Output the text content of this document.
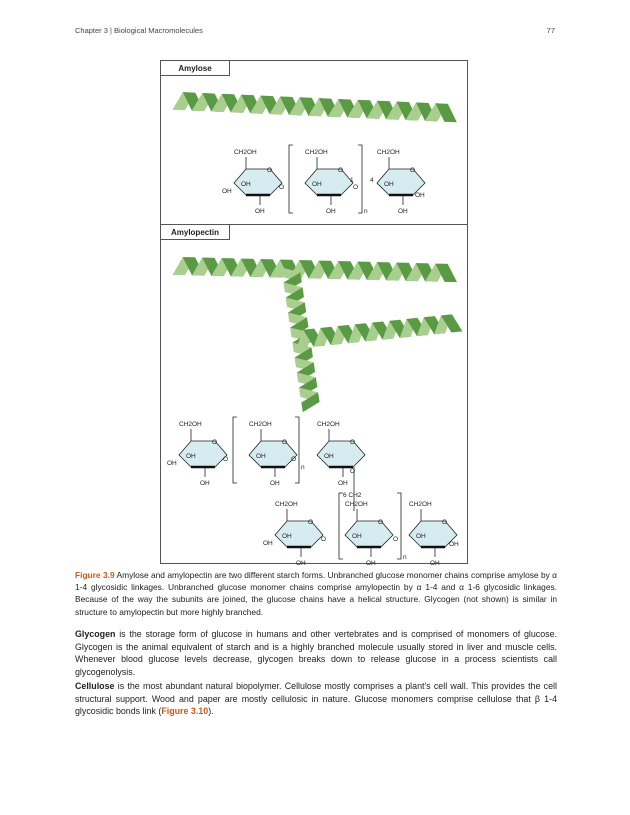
Chapter 3 | Biological Macromolecules	77
Amylose
Amylopectin
O
CH2OH
OH
OH
OH
O
O
CH2OH
OH
OH
1
n
O
O
CH2OH
OH
OH
4
OH
O
CH2OH
OH
OH
OH
O
O
CH2OH
OH
OH
n
O
O
CH2OH
OH
OH
O
O
CH2OH
OH
OH
OH
O
O
CH2OH
OH
OH
6 CH2
n
O
O
CH2OH
OH
OH
OH
Figure 3.9 Amylose and amylopectin are two different starch forms. Unbranched glucose monomer chains comprise amylose by α 1-4 glycosidic linkages. Unbranched glucose monomer chains comprise amylopectin by α 1-4 and α 1-6 glycosidic linkages. Because of the way the subunits are joined, the glucose chains have a helical structure. Glycogen (not shown) is similar in structure to amylopectin but more highly branched.

Glycogen is the storage form of glucose in humans and other vertebrates and is comprised of monomers of glucose. Glycogen is the animal equivalent of starch and is a highly branched molecule usually stored in liver and muscle cells. Whenever blood glucose levels decrease, glycogen breaks down to release glucose in a process scientists call glycogenolysis.

Cellulose is the most abundant natural biopolymer. Cellulose mostly comprises a plant's cell wall. This provides the cell structural support. Wood and paper are mostly cellulosic in nature. Glucose monomers comprise cellulose that β 1-4 glycosidic bonds link (Figure 3.10).
